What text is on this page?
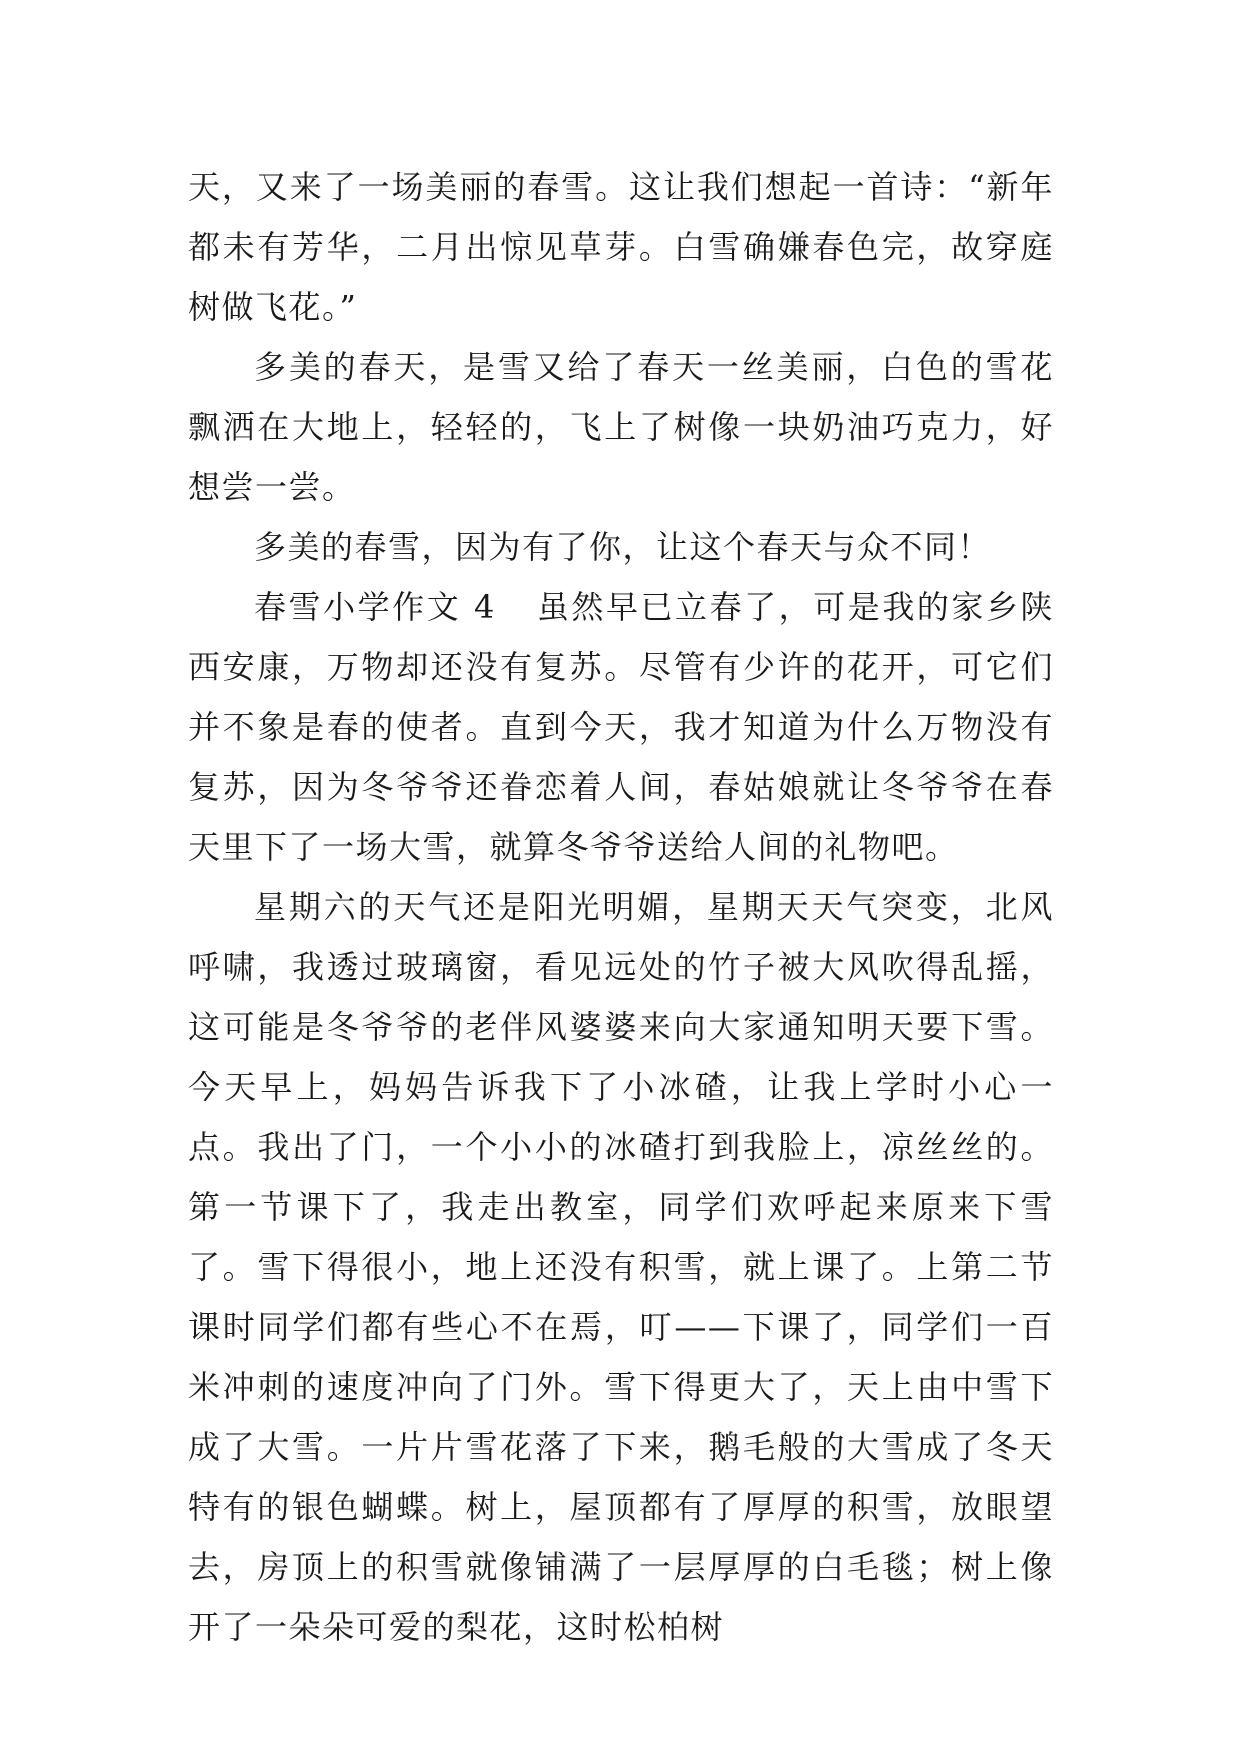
天，又来了一场美丽的春雪。这让我们想起一首诗：“新年都未有芳华，二月出惊见草芽。白雪确嫌春色完，故穿庭树做飞花。”

多美的春天，是雪又给了春天一丝美丽，白色的雪花飘洒在大地上，轻轻的，飞上了树像一块奶油巧克力，好想尝一尝。

多美的春雪，因为有了你，让这个春天与众不同！

春雪小学作文 4 虽然早已立春了，可是我的家乡陕西安康，万物却还没有复苏。尽管有少许的花开，可它们并不象是春的使者。直到今天，我才知道为什么万物没有复苏，因为冬爷爷还眷恋着人间，春姑娘就让冬爷爷在春天里下了一场大雪，就算冬爷爷送给人间的礼物吧。

星期六的天气还是阳光明媚，星期天天气突变，北风呼啸，我透过玻璃窗，看见远处的竹子被大风吹得乱摇，这可能是冬爷爷的老伴风婆婆来向大家通知明天要下雪。今天早上，妈妈告诉我下了小冰碴，让我上学时小心一点。我出了门，一个小小的冰碴打到我脸上，凉丝丝的。第一节课下了，我走出教室，同学们欢呼起来原来下雪了。雪下得很小，地上还没有积雪，就上课了。上第二节课时同学们都有些心不在焉，叮——下课了，同学们一百米冲刺的速度冲向了门外。雪下得更大了，天上由中雪下成了大雪。一片片雪花落了下来，鹅毛般的大雪成了冬天特有的银色蝴蝶。树上，屋顶都有了厚厚的积雪，放眼望去，房顶上的积雪就像铺满了一层厚厚的白毛毯；树上像开了一朵朵可爱的梨花，这时松柏树
